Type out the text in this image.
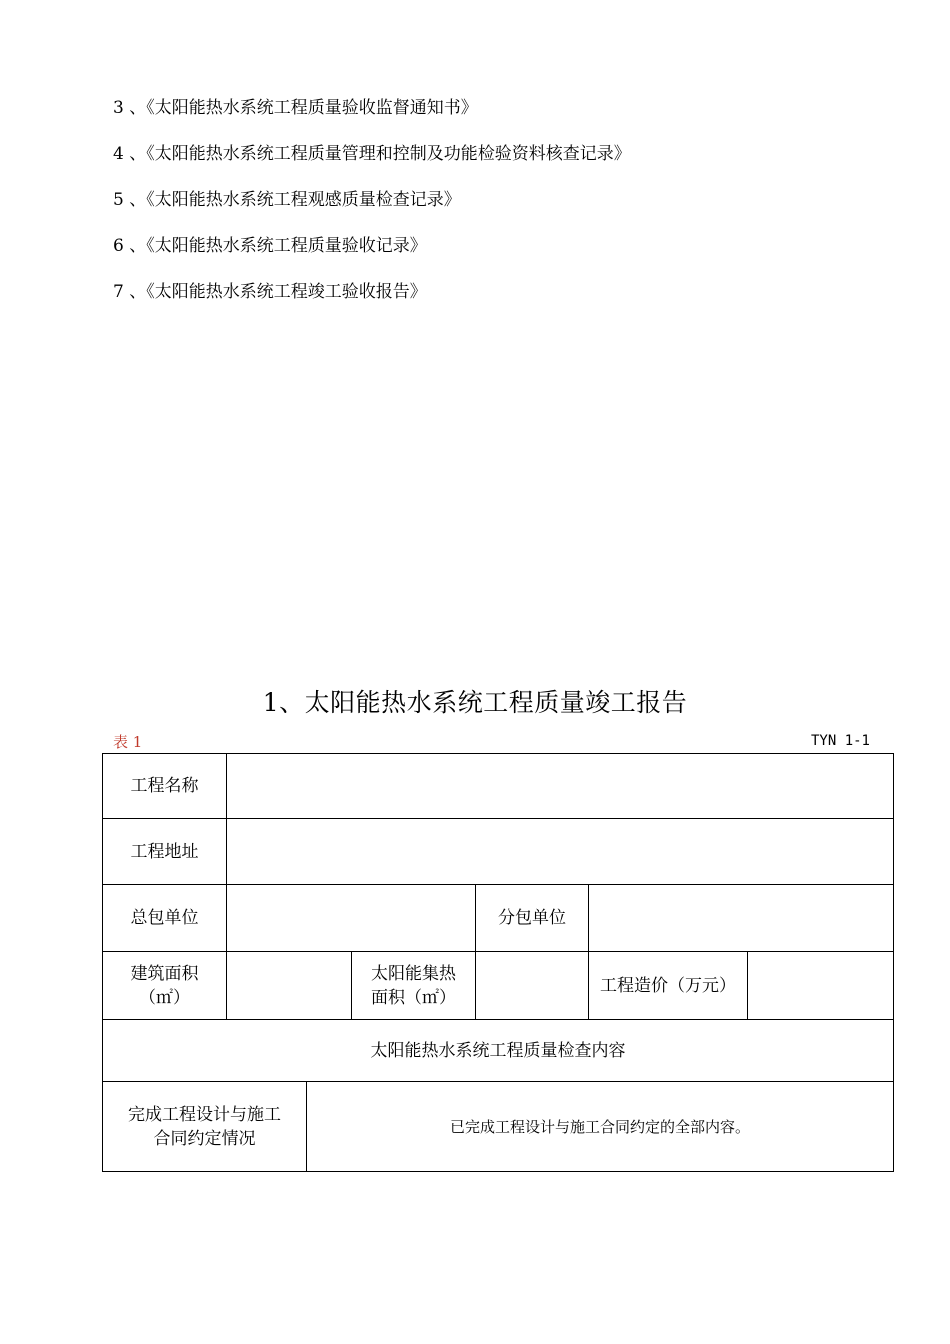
3 、《太阳能热水系统工程质量验收监督通知书》
4 、《太阳能热水系统工程质量管理和控制及功能检验资料核查记录》
5 、《太阳能热水系统工程观感质量检查记录》
6 、《太阳能热水系统工程质量验收记录》
7 、《太阳能热水系统工程竣工验收报告》
1、太阳能热水系统工程质量竣工报告
表 1	TYN 1-1
工程名称
工程地址
总包单位	分包单位
建筑面积
（㎡）
太阳能集热
面积（㎡）
工程造价（万元）
太阳能热水系统工程质量检查内容
完成工程设计与施工
合同约定情况
已完成工程设计与施工合同约定的全部内容。
